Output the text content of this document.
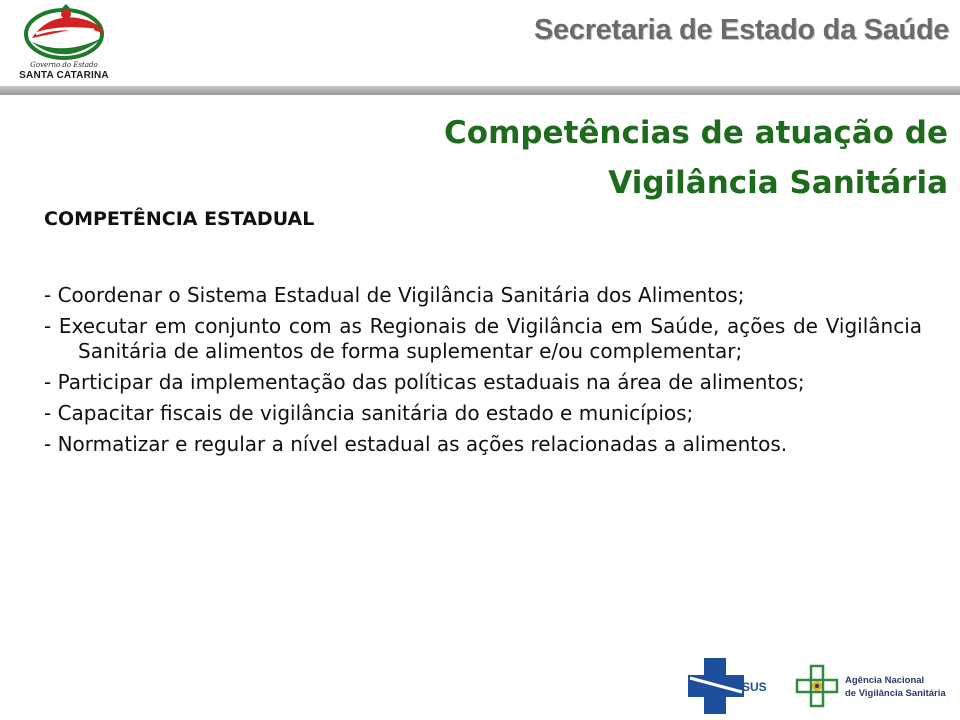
Governo do Estado
SANTA CATARINA
Secretaria de Estado da Saúde
Competências de atuação de Vigilância Sanitária
COMPETÊNCIA ESTADUAL
- Coordenar o Sistema Estadual de Vigilância Sanitária dos Alimentos;
- Executar em conjunto com as Regionais de Vigilância em Saúde, ações de Vigilância Sanitária de alimentos de forma suplementar e/ou complementar;
- Participar da implementação das políticas estaduais na área de alimentos;
- Capacitar fiscais de vigilância sanitária do estado e municípios;
- Normatizar e regular a nível estadual as ações relacionadas a alimentos.
SUS	Agência Nacional
de Vigilância Sanitária
